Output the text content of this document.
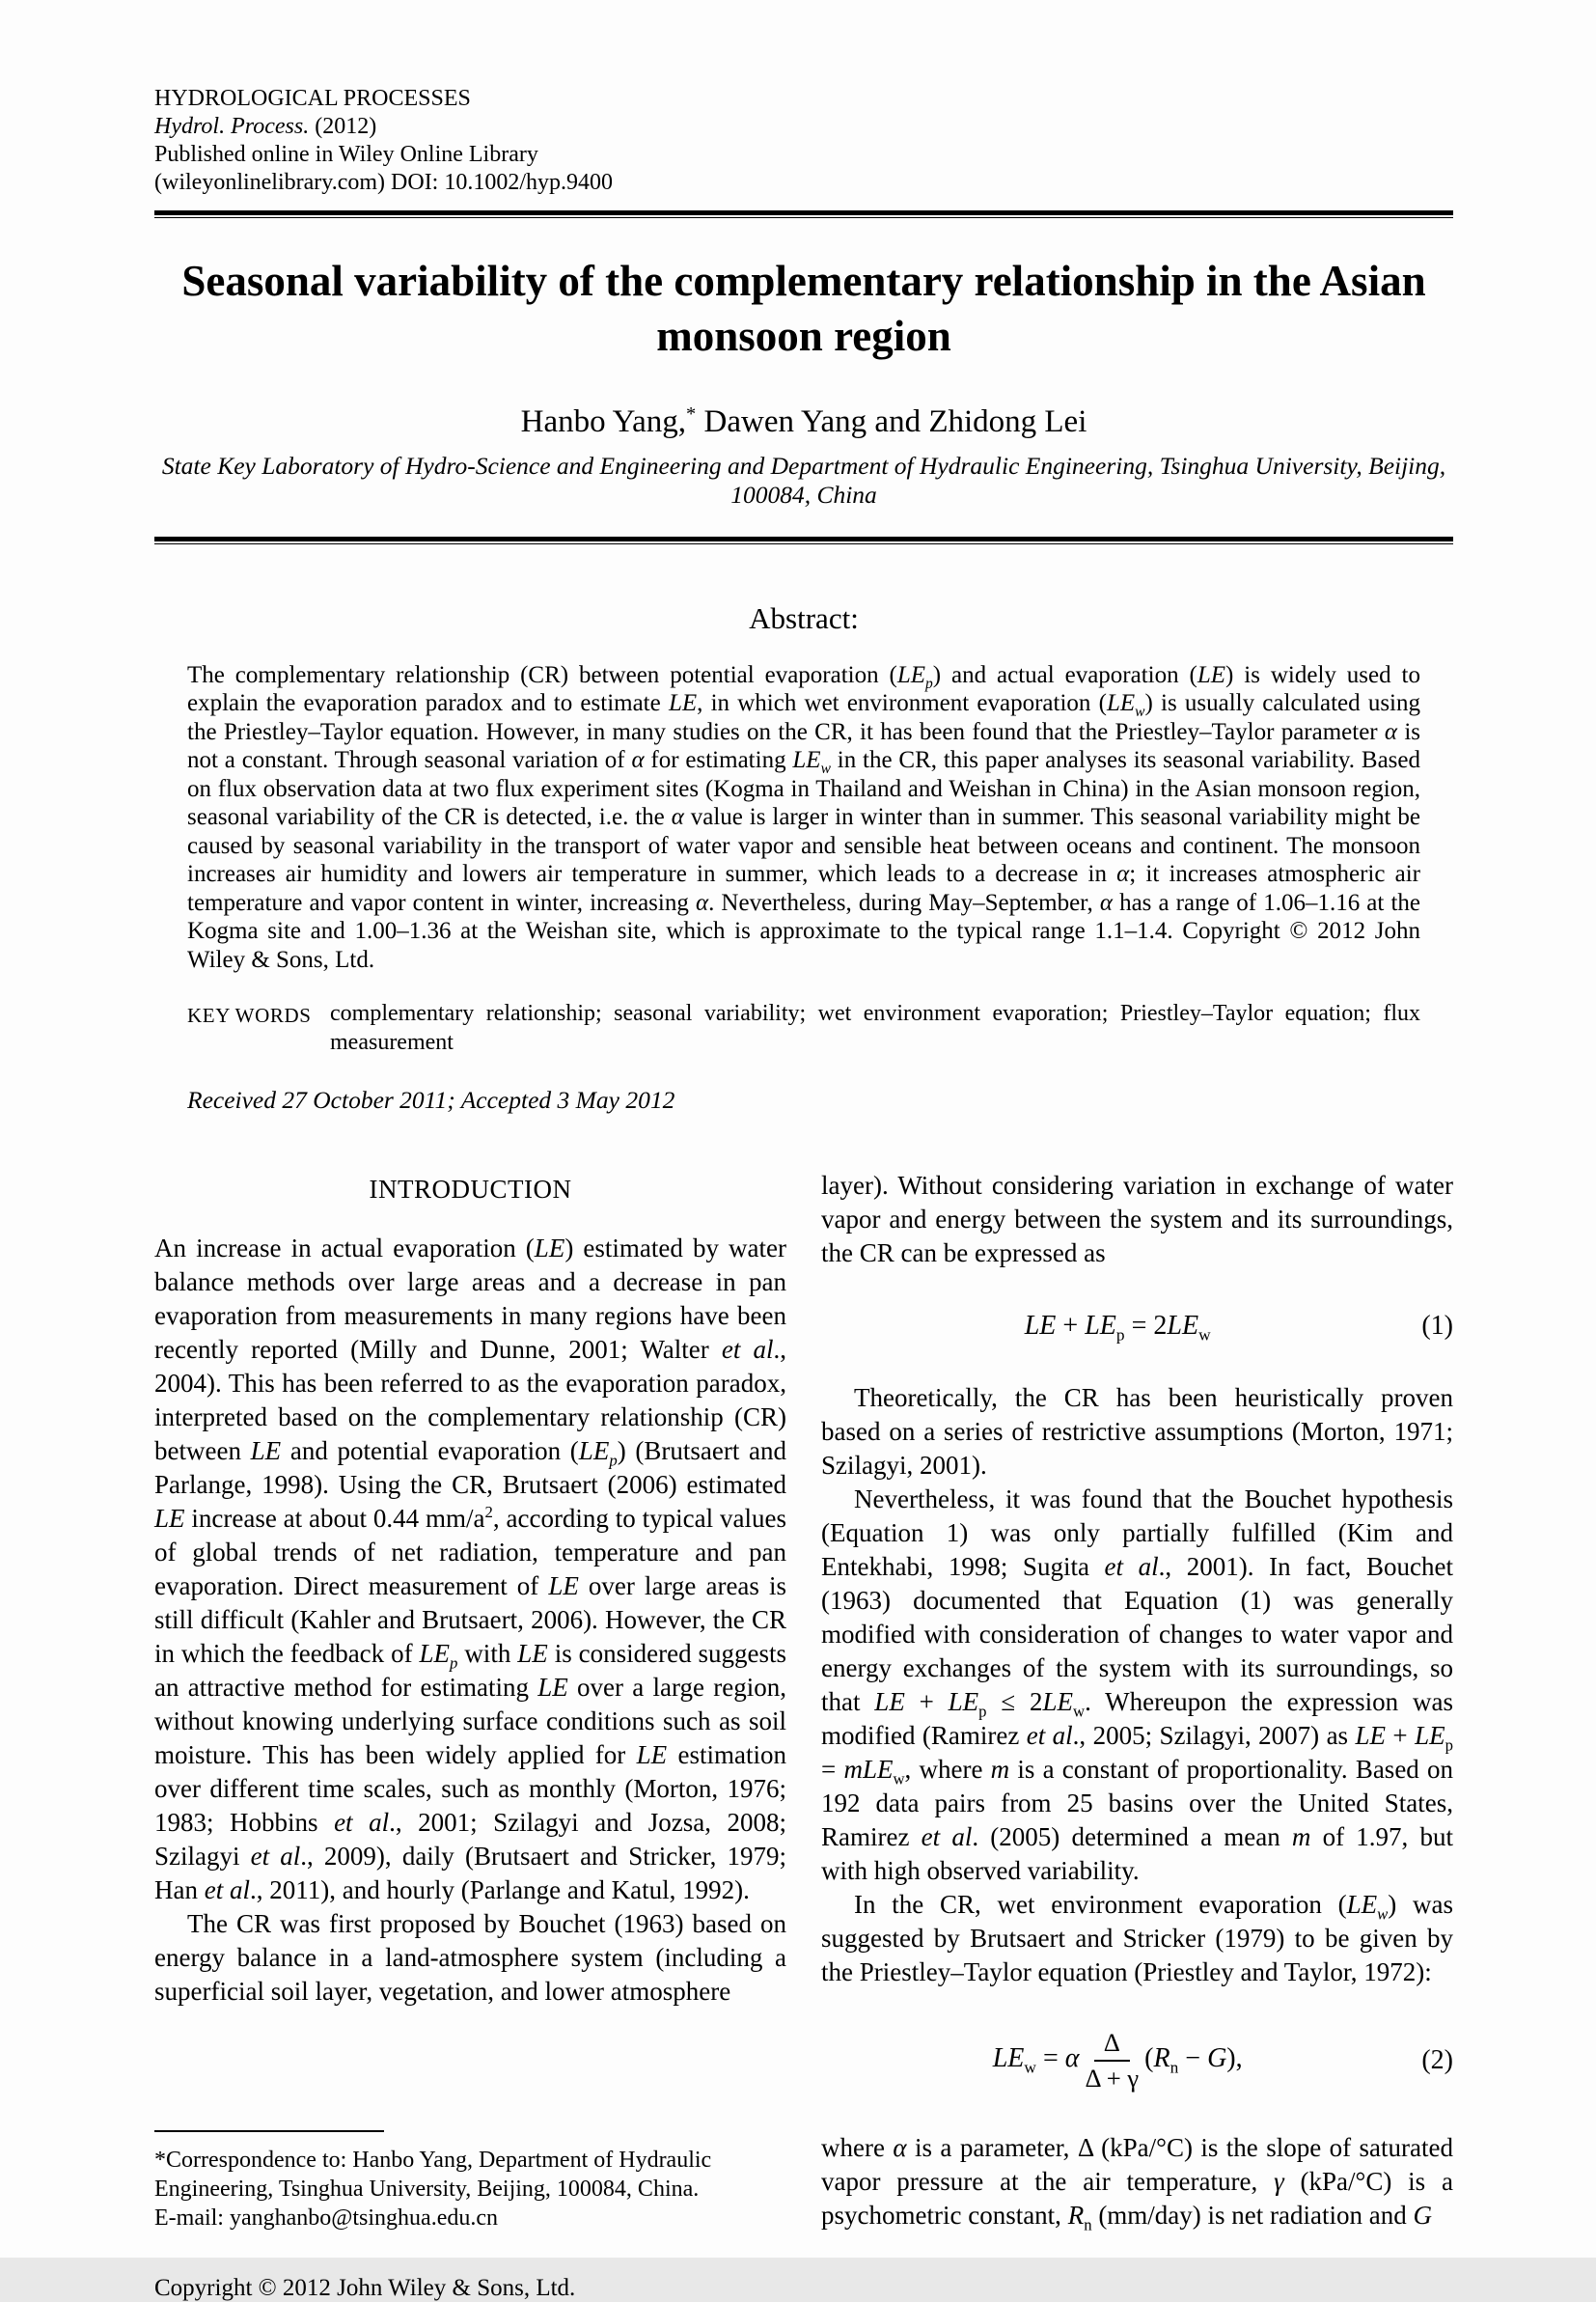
HYDROLOGICAL PROCESSES
Hydrol. Process. (2012)
Published online in Wiley Online Library
(wileyonlinelibrary.com) DOI: 10.1002/hyp.9400
Seasonal variability of the complementary relationship in the Asian monsoon region
Hanbo Yang,* Dawen Yang and Zhidong Lei
State Key Laboratory of Hydro-Science and Engineering and Department of Hydraulic Engineering, Tsinghua University, Beijing, 100084, China
Abstract:

The complementary relationship (CR) between potential evaporation $(LE_p)$ and actual evaporation (LE) is widely used to explain the evaporation paradox and to estimate LE, in which wet environment evaporation $(LE_w)$ is usually calculated using the Priestley–Taylor equation. However, in many studies on the CR, it has been found that the Priestley–Taylor parameter α is not a constant. Through seasonal variation of α for estimating $LE_w$ in the CR, this paper analyses its seasonal variability. Based on flux observation data at two flux experiment sites (Kogma in Thailand and Weishan in China) in the Asian monsoon region, seasonal variability of the CR is detected, i.e. the α value is larger in winter than in summer. This seasonal variability might be caused by seasonal variability in the transport of water vapor and sensible heat between oceans and continent. The monsoon increases air humidity and lowers air temperature in summer, which leads to a decrease in α; it increases atmospheric air temperature and vapor content in winter, increasing α. Nevertheless, during May–September, α has a range of 1.06–1.16 at the Kogma site and 1.00–1.36 at the Weishan site, which is approximate to the typical range 1.1–1.4. Copyright © 2012 John Wiley & Sons, Ltd.

KEY WORDS complementary relationship; seasonal variability; wet environment evaporation; Priestley–Taylor equation; flux measurement

Received 27 October 2011; Accepted 3 May 2012

INTRODUCTION

An increase in actual evaporation (LE) estimated by water balance methods over large areas and a decrease in pan evaporation from measurements in many regions have been recently reported (Milly and Dunne, 2001; Walter et al., 2004). This has been referred to as the evaporation paradox, interpreted based on the complementary relationship (CR) between LE and potential evaporation $(LE_p)$ (Brutsaert and Parlange, 1998). Using the CR, Brutsaert (2006) estimated LE increase at about 0.44 $mm/a^2$, according to typical values of global trends of net radiation, temperature and pan evaporation. Direct measurement of LE over large areas is still difficult (Kahler and Brutsaert, 2006). However, the CR in which the feedback of $LE_p$ with LE is considered suggests an attractive method for estimating LE over a large region, without knowing underlying surface conditions such as soil moisture. This has been widely applied for LE estimation over different time scales, such as monthly (Morton, 1976; 1983; Hobbins et al., 2001; Szilagyi and Jozsa, 2008; Szilagyi et al., 2009), daily (Brutsaert and Stricker, 1979; Han et al., 2011), and hourly (Parlange and Katul, 1992).

The CR was first proposed by Bouchet (1963) based on energy balance in a land-atmosphere system (including a superficial soil layer, vegetation, and lower atmosphere

*Correspondence to: Hanbo Yang, Department of Hydraulic Engineering, Tsinghua University, Beijing, 100084, China.
E-mail: yanghanbo@tsinghua.edu.cn

layer). Without considering variation in exchange of water vapor and energy between the system and its surroundings, the CR can be expressed as

LE + $LE_p = 2LE_w$	(1)

Theoretically, the CR has been heuristically proven based on a series of restrictive assumptions (Morton, 1971; Szilagyi, 2001).

Nevertheless, it was found that the Bouchet hypothesis (Equation 1) was only partially fulfilled (Kim and Entekhabi, 1998; Sugita et al., 2001). In fact, Bouchet (1963) documented that Equation (1) was generally modified with consideration of changes to water vapor and energy exchanges of the system with its surroundings, so that LE + $LE_p \le 2LE_w$. Whereupon the expression was modified (Ramirez et al., 2005; Szilagyi, 2007) as LE + $LE_p = mLE_w$, where m is a constant of proportionality. Based on 192 data pairs from 25 basins over the United States, Ramirez et al. (2005) determined a mean m of 1.97, but with high observed variability.

In the CR, wet environment evaporation $(LE_w)$ was suggested by Brutsaert and Stricker (1979) to be given by the Priestley–Taylor equation (Priestley and Taylor, 1972):

$LE_w = \alpha \frac{\Delta}{\Delta + \gamma} (R_n - G)$,	(2)

where α is a parameter, Δ (kPa/°C) is the slope of saturated vapor pressure at the air temperature, γ (kPa/°C) is a psychometric constant, $R_n$ (mm/day) is net radiation and G

Copyright © 2012 John Wiley & Sons, Ltd.
